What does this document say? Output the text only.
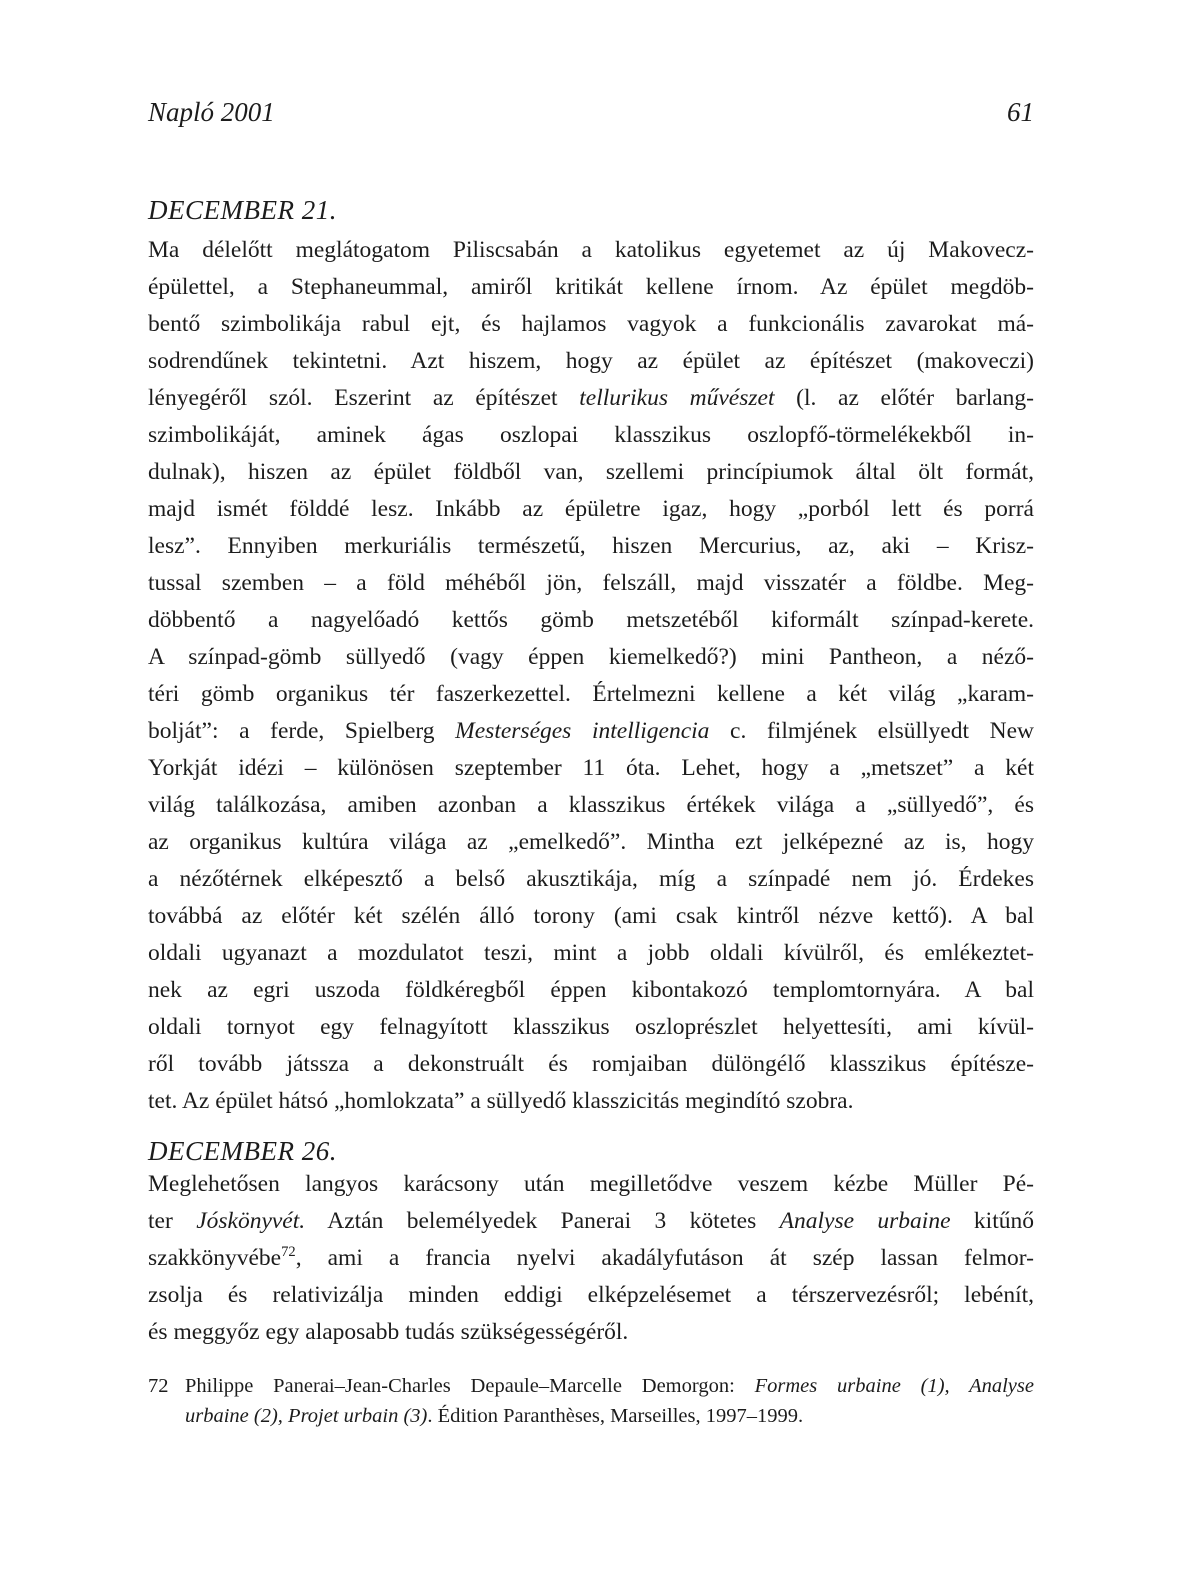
Napló 2001	61
DECEMBER 21.
Ma délelőtt meglátogatom Piliscsabán a katolikus egyetemet az új Makovecz-
épülettel, a Stephaneummal, amiről kritikát kellene írnom. Az épület megdöb-
bentő szimbolikája rabul ejt, és hajlamos vagyok a funkcionális zavarokat má-
sodrendűnek tekintetni. Azt hiszem, hogy az épület az építészet (makoveczi)
lényegéről szól. Eszerint az építészet tellurikus művészet (l. az előtér barlang-
szimbolikáját, aminek ágas oszlopai klasszikus oszlopfő-törmelékekből in-
dulnak), hiszen az épület földből van, szellemi princípiumok által ölt formát,
majd ismét földdé lesz. Inkább az épületre igaz, hogy „porból lett és porrá
lesz”. Ennyiben merkuriális természetű, hiszen Mercurius, az, aki – Krisz-
tussal szemben – a föld méhéből jön, felszáll, majd visszatér a földbe. Meg-
döbbentő a nagyelőadó kettős gömb metszetéből kiformált színpad-kerete.
A színpad-gömb süllyedő (vagy éppen kiemelkedő?) mini Pantheon, a néző-
téri gömb organikus tér faszerkezettel. Értelmezni kellene a két világ „karam-
bolját”: a ferde, Spielberg Mesterséges intelligencia c. filmjének elsüllyedt New
Yorkját idézi – különösen szeptember 11 óta. Lehet, hogy a „metszet” a két
világ találkozása, amiben azonban a klasszikus értékek világa a „süllyedő”, és
az organikus kultúra világa az „emelkedő”. Mintha ezt jelképezné az is, hogy
a nézőtérnek elképesztő a belső akusztikája, míg a színpadé nem jó. Érdekes
továbbá az előtér két szélén álló torony (ami csak kintről nézve kettő). A bal
oldali ugyanazt a mozdulatot teszi, mint a jobb oldali kívülről, és emlékeztet-
nek az egri uszoda földkéregből éppen kibontakozó templomtornyára. A bal
oldali tornyot egy felnagyított klasszikus oszloprészlet helyettesíti, ami kívül-
ről tovább játssza a dekonstruált és romjaiban dülöngélő klasszikus építésze-
tet. Az épület hátsó „homlokzata” a süllyedő klasszicitás megindító szobra.
DECEMBER 26.
Meglehetősen langyos karácsony után megilletődve veszem kézbe Müller Pé-
ter Jóskönyvét. Aztán belemélyedek Panerai 3 kötetes Analyse urbaine kitűnő
szakkönyvébe$^{72}$, ami a francia nyelvi akadályfutáson át szép lassan felmor-
zsolja és relativizálja minden eddigi elképzelésemet a térszervezésről; lebénít,
és meggyőz egy alaposabb tudás szükségességéről.
72 Philippe Panerai–Jean-Charles Depaule–Marcelle Demorgon: Formes urbaine (1), Analyse
urbaine (2), Projet urbain (3). Édition Paranthèses, Marseilles, 1997–1999.
